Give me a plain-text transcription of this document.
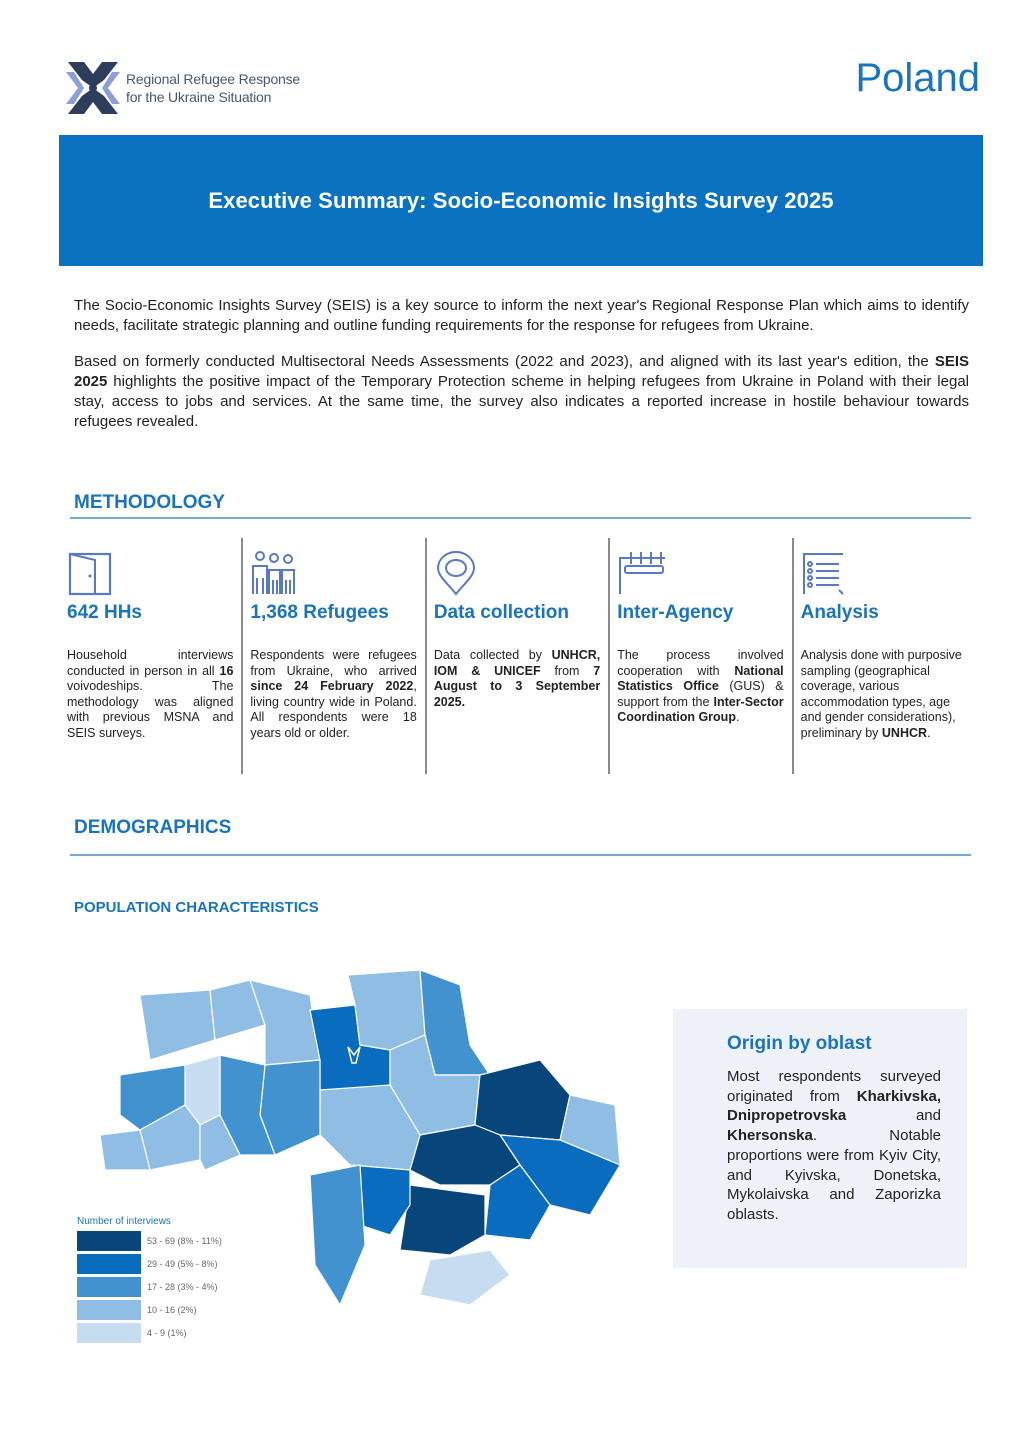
Regional Refugee Response
for the Ukraine Situation	Poland
Executive Summary: Socio-Economic Insights Survey 2025

The Socio-Economic Insights Survey (SEIS) is a key source to inform the next year's Regional Response Plan which aims to identify needs, facilitate strategic planning and outline funding requirements for the response for refugees from Ukraine.

Based on formerly conducted Multisectoral Needs Assessments (2022 and 2023), and aligned with its last year's edition, the SEIS 2025 highlights the positive impact of the Temporary Protection scheme in helping refugees from Ukraine in Poland with their legal stay, access to jobs and services. At the same time, the survey also indicates a reported increase in hostile behaviour towards refugees revealed.

METHODOLOGY
642 HHs
Household interviews conducted in person in all 16 voivodeships. The methodology was aligned with previous MSNA and SEIS surveys.
1,368 Refugees
Respondents were refugees from Ukraine, who arrived since 24 February 2022, living country wide in Poland. All respondents were 18 years old or older.
Data collection
Data collected by UNHCR, IOM & UNICEF from 7 August to 3 September 2025.
Inter-Agency
The process involved cooperation with National Statistics Office (GUS) & support from the Inter-Sector Coordination Group.
Analysis
Analysis done with purposive sampling (geographical coverage, various accommodation types, age and gender considerations), preliminary by UNHCR.
DEMOGRAPHICS
POPULATION CHARACTERISTICS
Number of interviews
53 - 69 (8% - 11%)
29 - 49 (5% - 8%)
17 - 28 (3% - 4%)
10 - 16 (2%)
4 - 9 (1%)
Origin by oblast

Most respondents surveyed originated from Kharkivska, Dnipropetrovska and Khersonska. Notable proportions were from Kyiv City, and Kyivska, Donetska, Mykolaivska and Zaporizka oblasts.
